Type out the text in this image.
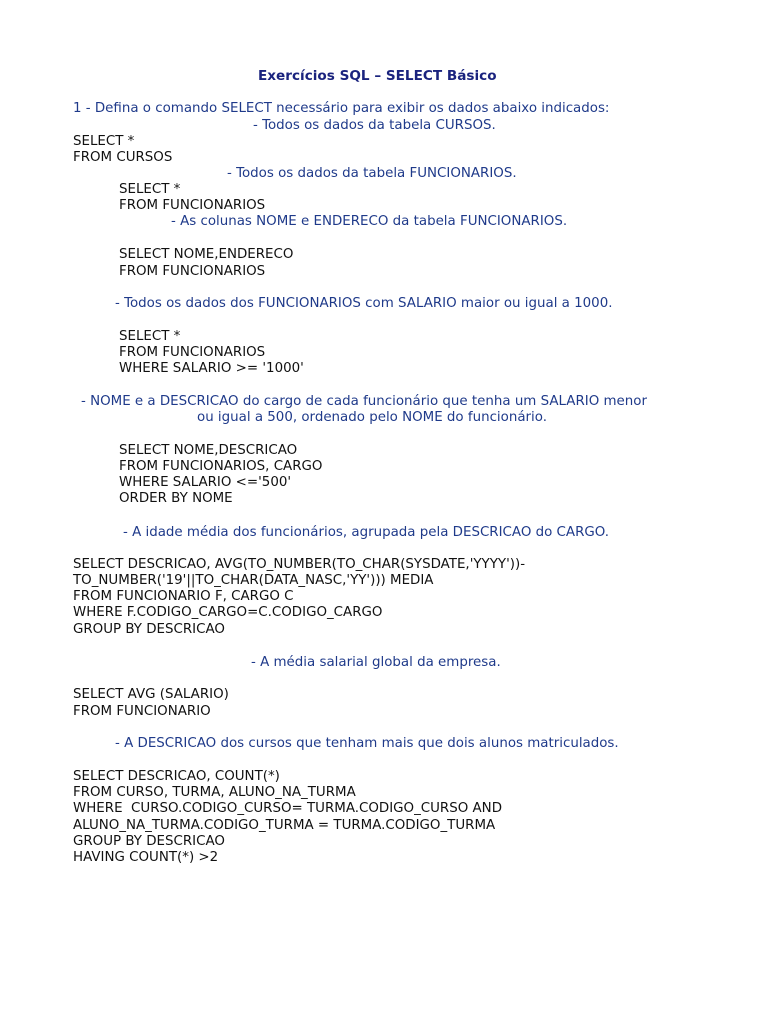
Exercícios SQL – SELECT Básico
1 - Defina o comando SELECT necessário para exibir os dados abaixo indicados:
- Todos os dados da tabela CURSOS.
SELECT *
FROM CURSOS
- Todos os dados da tabela FUNCIONARIOS.
SELECT *
FROM FUNCIONARIOS
- As colunas NOME e ENDERECO da tabela FUNCIONARIOS.
SELECT NOME,ENDERECO
FROM FUNCIONARIOS
- Todos os dados dos FUNCIONARIOS com SALARIO maior ou igual a 1000.
SELECT *
FROM FUNCIONARIOS
WHERE SALARIO >= '1000'
- NOME e a DESCRICAO do cargo de cada funcionário que tenha um SALARIO menor
ou igual a 500, ordenado pelo NOME do funcionário.
SELECT NOME,DESCRICAO
FROM FUNCIONARIOS, CARGO
WHERE SALARIO <='500'
ORDER BY NOME
- A idade média dos funcionários, agrupada pela DESCRICAO do CARGO.
SELECT DESCRICAO, AVG(TO_NUMBER(TO_CHAR(SYSDATE,'YYYY'))-
TO_NUMBER('19'||TO_CHAR(DATA_NASC,'YY'))) MEDIA
FROM FUNCIONARIO F, CARGO C
WHERE F.CODIGO_CARGO=C.CODIGO_CARGO
GROUP BY DESCRICAO
- A média salarial global da empresa.
SELECT AVG (SALARIO)
FROM FUNCIONARIO
- A DESCRICAO dos cursos que tenham mais que dois alunos matriculados.
SELECT DESCRICAO, COUNT(*)
FROM CURSO, TURMA, ALUNO_NA_TURMA
WHERE  CURSO.CODIGO_CURSO= TURMA.CODIGO_CURSO AND
ALUNO_NA_TURMA.CODIGO_TURMA = TURMA.CODIGO_TURMA
GROUP BY DESCRICAO
HAVING COUNT(*) >2
